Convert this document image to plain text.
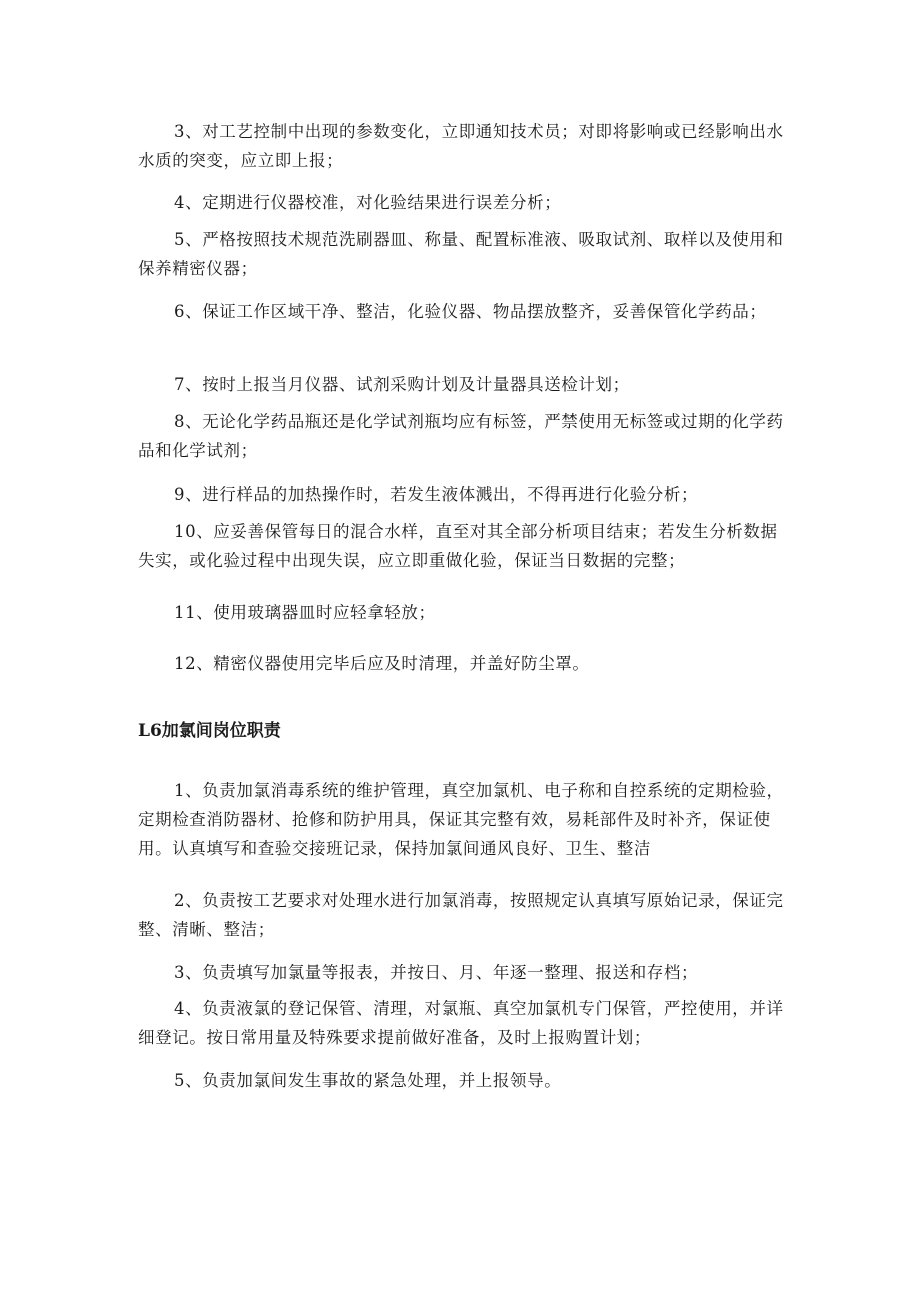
3、对工艺控制中出现的参数变化，立即通知技术员；对即将影响或已经影响出水水质的突变，应立即上报；

4、定期进行仪器校准，对化验结果进行误差分析；

5、严格按照技术规范洗刷器皿、称量、配置标准液、吸取试剂、取样以及使用和保养精密仪器；

6、保证工作区域干净、整洁，化验仪器、物品摆放整齐，妥善保管化学药品；

7、按时上报当月仪器、试剂采购计划及计量器具送检计划；

8、无论化学药品瓶还是化学试剂瓶均应有标签，严禁使用无标签或过期的化学药品和化学试剂；

9、进行样品的加热操作时，若发生液体溅出，不得再进行化验分析；

10、应妥善保管每日的混合水样，直至对其全部分析项目结束；若发生分析数据失实，或化验过程中出现失误，应立即重做化验，保证当日数据的完整；

11、使用玻璃器皿时应轻拿轻放；

12、精密仪器使用完毕后应及时清理，并盖好防尘罩。

L6加氯间岗位职责

1、负责加氯消毒系统的维护管理，真空加氯机、电子称和自控系统的定期检验，定期检查消防器材、抢修和防护用具，保证其完整有效，易耗部件及时补齐，保证使用。认真填写和查验交接班记录，保持加氯间通风良好、卫生、整洁

2、负责按工艺要求对处理水进行加氯消毒，按照规定认真填写原始记录，保证完整、清晰、整洁；

3、负责填写加氯量等报表，并按日、月、年逐一整理、报送和存档；

4、负责液氯的登记保管、清理，对氯瓶、真空加氯机专门保管，严控使用，并详细登记。按日常用量及特殊要求提前做好准备，及时上报购置计划；

5、负责加氯间发生事故的紧急处理，并上报领导。
